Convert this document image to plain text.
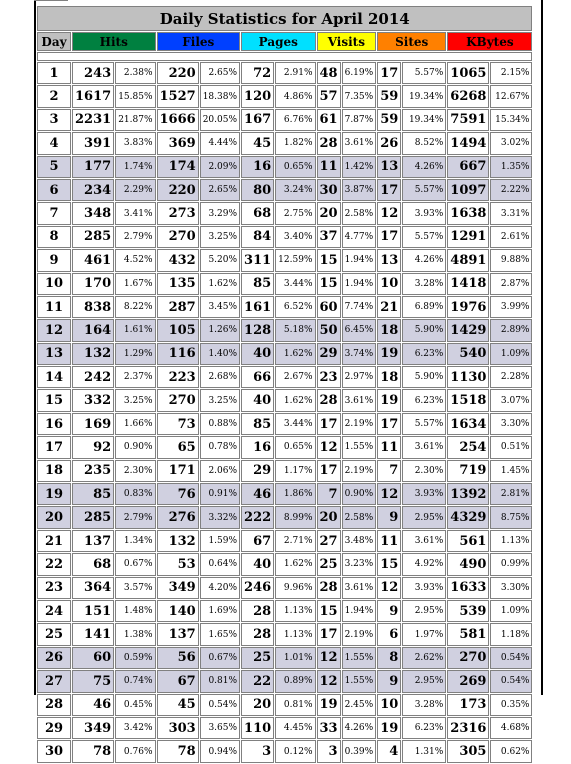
Daily Statistics for April 2014												
Day	Hits		Files		Pages		Visits		Sites		KBytes	

1	243	2.38%	220	2.65%	72	2.91%	48	6.19%	17	5.57%	1065	2.15%
2	1617	15.85%	1527	18.38%	120	4.86%	57	7.35%	59	19.34%	6268	12.67%
3	2231	21.87%	1666	20.05%	167	6.76%	61	7.87%	59	19.34%	7591	15.34%
4	391	3.83%	369	4.44%	45	1.82%	28	3.61%	26	8.52%	1494	3.02%
5	177	1.74%	174	2.09%	16	0.65%	11	1.42%	13	4.26%	667	1.35%
6	234	2.29%	220	2.65%	80	3.24%	30	3.87%	17	5.57%	1097	2.22%
7	348	3.41%	273	3.29%	68	2.75%	20	2.58%	12	3.93%	1638	3.31%
8	285	2.79%	270	3.25%	84	3.40%	37	4.77%	17	5.57%	1291	2.61%
9	461	4.52%	432	5.20%	311	12.59%	15	1.94%	13	4.26%	4891	9.88%
10	170	1.67%	135	1.62%	85	3.44%	15	1.94%	10	3.28%	1418	2.87%
11	838	8.22%	287	3.45%	161	6.52%	60	7.74%	21	6.89%	1976	3.99%
12	164	1.61%	105	1.26%	128	5.18%	50	6.45%	18	5.90%	1429	2.89%
13	132	1.29%	116	1.40%	40	1.62%	29	3.74%	19	6.23%	540	1.09%
14	242	2.37%	223	2.68%	66	2.67%	23	2.97%	18	5.90%	1130	2.28%
15	332	3.25%	270	3.25%	40	1.62%	28	3.61%	19	6.23%	1518	3.07%
16	169	1.66%	73	0.88%	85	3.44%	17	2.19%	17	5.57%	1634	3.30%
17	92	0.90%	65	0.78%	16	0.65%	12	1.55%	11	3.61%	254	0.51%
18	235	2.30%	171	2.06%	29	1.17%	17	2.19%	7	2.30%	719	1.45%
19	85	0.83%	76	0.91%	46	1.86%	7	0.90%	12	3.93%	1392	2.81%
20	285	2.79%	276	3.32%	222	8.99%	20	2.58%	9	2.95%	4329	8.75%
21	137	1.34%	132	1.59%	67	2.71%	27	3.48%	11	3.61%	561	1.13%
22	68	0.67%	53	0.64%	40	1.62%	25	3.23%	15	4.92%	490	0.99%
23	364	3.57%	349	4.20%	246	9.96%	28	3.61%	12	3.93%	1633	3.30%
24	151	1.48%	140	1.69%	28	1.13%	15	1.94%	9	2.95%	539	1.09%
25	141	1.38%	137	1.65%	28	1.13%	17	2.19%	6	1.97%	581	1.18%
26	60	0.59%	56	0.67%	25	1.01%	12	1.55%	8	2.62%	270	0.54%
27	75	0.74%	67	0.81%	22	0.89%	12	1.55%	9	2.95%	269	0.54%
28	46	0.45%	45	0.54%	20	0.81%	19	2.45%	10	3.28%	173	0.35%
29	349	3.42%	303	3.65%	110	4.45%	33	4.26%	19	6.23%	2316	4.68%
30	78	0.76%	78	0.94%	3	0.12%	3	0.39%	4	1.31%	305	0.62%
